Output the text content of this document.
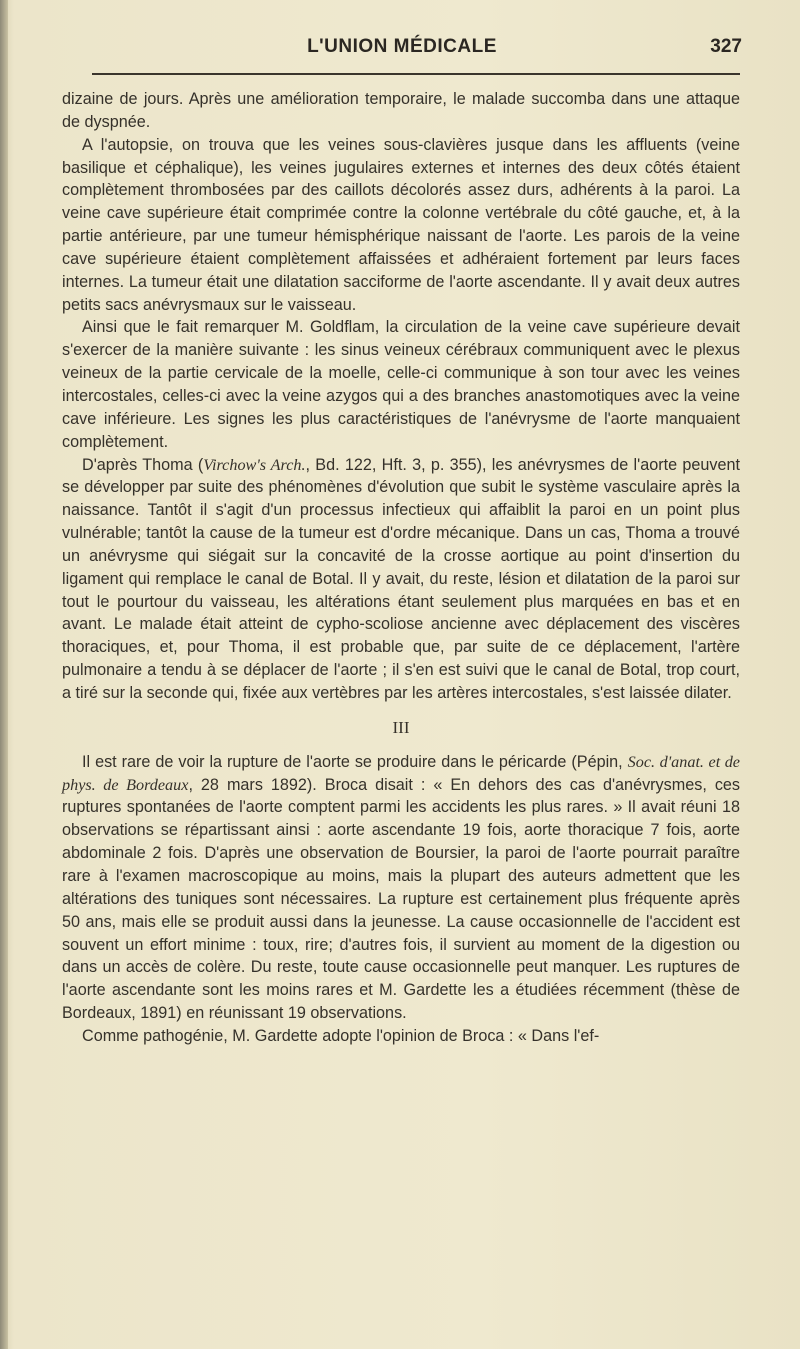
L'UNION MÉDICALE	327

dizaine de jours. Après une amélioration temporaire, le malade succomba dans une attaque de dyspnée.

A l'autopsie, on trouva que les veines sous-clavières jusque dans les affluents (veine basilique et céphalique), les veines jugulaires externes et internes des deux côtés étaient complètement thrombosées par des caillots décolorés assez durs, adhérents à la paroi. La veine cave supérieure était comprimée contre la colonne vertébrale du côté gauche, et, à la partie antérieure, par une tumeur hémisphérique naissant de l'aorte. Les parois de la veine cave supérieure étaient complètement affaissées et adhéraient fortement par leurs faces internes. La tumeur était une dilatation sacciforme de l'aorte ascendante. Il y avait deux autres petits sacs anévrysmaux sur le vaisseau.

Ainsi que le fait remarquer M. Goldflam, la circulation de la veine cave supérieure devait s'exercer de la manière suivante : les sinus veineux cérébraux communiquent avec le plexus veineux de la partie cervicale de la moelle, celle-ci communique à son tour avec les veines intercostales, celles-ci avec la veine azygos qui a des branches anastomotiques avec la veine cave inférieure. Les signes les plus caractéristiques de l'anévrysme de l'aorte manquaient complètement.

D'après Thoma (Virchow's Arch., Bd. 122, Hft. 3, p. 355), les anévrysmes de l'aorte peuvent se développer par suite des phénomènes d'évolution que subit le système vasculaire après la naissance. Tantôt il s'agit d'un processus infectieux qui affaiblit la paroi en un point plus vulnérable; tantôt la cause de la tumeur est d'ordre mécanique. Dans un cas, Thoma a trouvé un anévrysme qui siégait sur la concavité de la crosse aortique au point d'insertion du ligament qui remplace le canal de Botal. Il y avait, du reste, lésion et dilatation de la paroi sur tout le pourtour du vaisseau, les altérations étant seulement plus marquées en bas et en avant. Le malade était atteint de cypho-scoliose ancienne avec déplacement des viscères thoraciques, et, pour Thoma, il est probable que, par suite de ce déplacement, l'artère pulmonaire a tendu à se déplacer de l'aorte ; il s'en est suivi que le canal de Botal, trop court, a tiré sur la seconde qui, fixée aux vertèbres par les artères intercostales, s'est laissée dilater.

III

Il est rare de voir la rupture de l'aorte se produire dans le péricarde (Pépin, Soc. d'anat. et de phys. de Bordeaux, 28 mars 1892). Broca disait : « En dehors des cas d'anévrysmes, ces ruptures spontanées de l'aorte comptent parmi les accidents les plus rares. » Il avait réuni 18 observations se répartissant ainsi : aorte ascendante 19 fois, aorte thoracique 7 fois, aorte abdominale 2 fois. D'après une observation de Boursier, la paroi de l'aorte pourrait paraître rare à l'examen macroscopique au moins, mais la plupart des auteurs admettent que les altérations des tuniques sont nécessaires. La rupture est certainement plus fréquente après 50 ans, mais elle se produit aussi dans la jeunesse. La cause occasionnelle de l'accident est souvent un effort minime : toux, rire; d'autres fois, il survient au moment de la digestion ou dans un accès de colère. Du reste, toute cause occasionnelle peut manquer. Les ruptures de l'aorte ascendante sont les moins rares et M. Gardette les a étudiées récemment (thèse de Bordeaux, 1891) en réunissant 19 observations.

Comme pathogénie, M. Gardette adopte l'opinion de Broca : « Dans l'ef-
